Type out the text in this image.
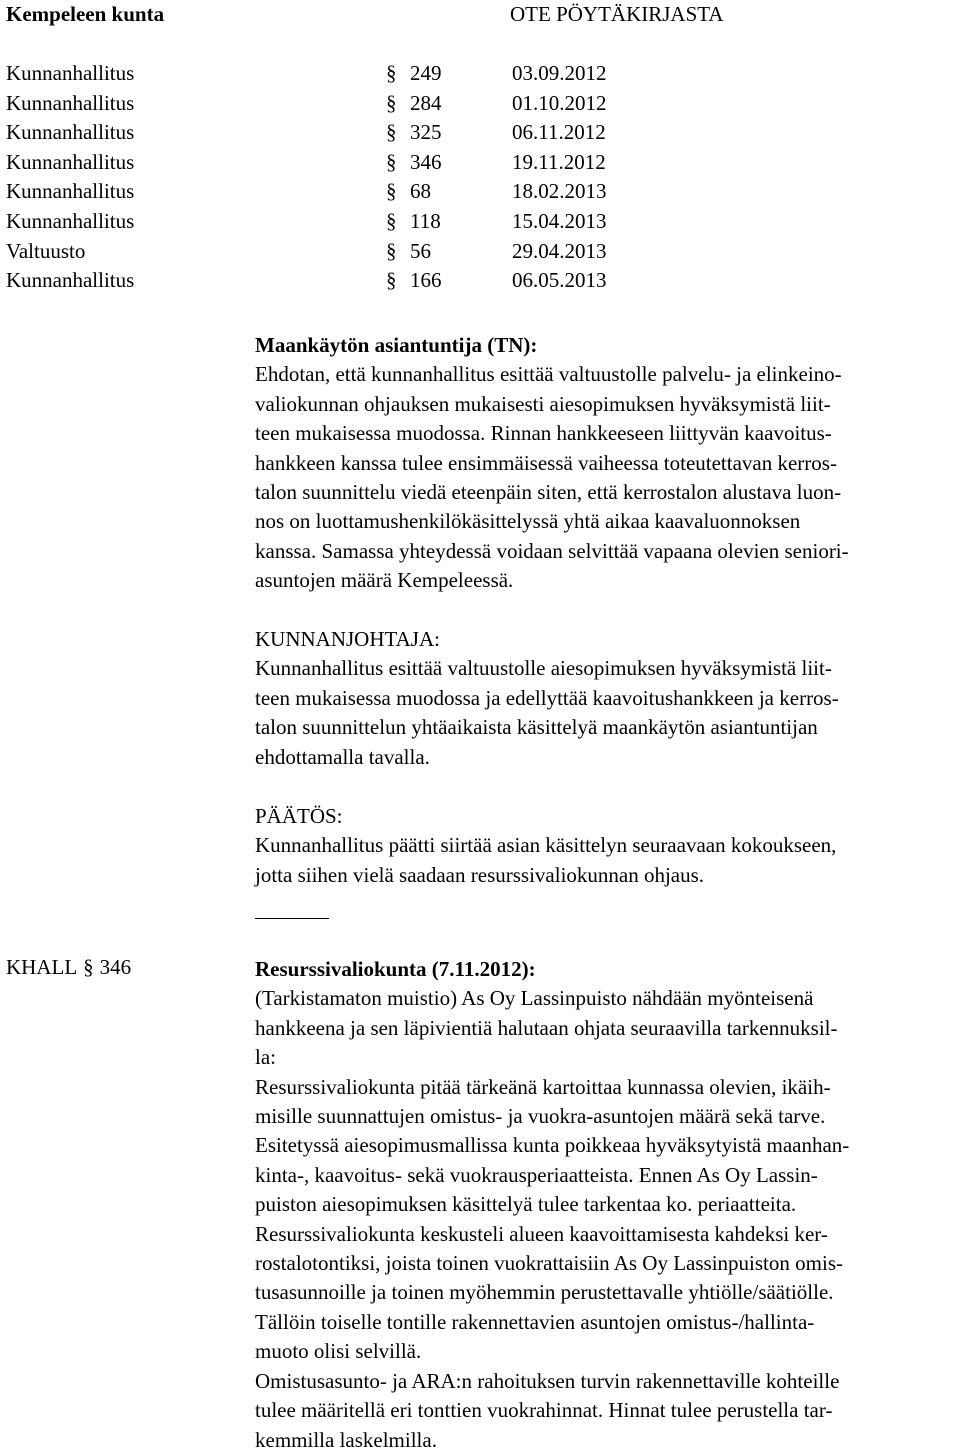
Kempeleen kunta	OTE PÖYTÄKIRJASTA
Kunnanhallitus	§ 249	03.09.2012
Kunnanhallitus	§ 284	01.10.2012
Kunnanhallitus	§ 325	06.11.2012
Kunnanhallitus	§ 346	19.11.2012
Kunnanhallitus	§ 68	18.02.2013
Kunnanhallitus	§ 118	15.04.2013
Valtuusto	§ 56	29.04.2013
Kunnanhallitus	§ 166	06.05.2013

Maankäytön asiantuntija (TN):

Ehdotan, että kunnanhallitus esittää valtuustolle palvelu- ja elinkeino-

valiokunnan ohjauksen mukaisesti aiesopimuksen hyväksymistä liit-

teen mukaisessa muodossa. Rinnan hankkeeseen liittyvän kaavoitus-

hankkeen kanssa tulee ensimmäisessä vaiheessa toteutettavan kerros-

talon suunnittelu viedä eteenpäin siten, että kerrostalon alustava luon-

nos on luottamushenkilökäsittelyssä yhtä aikaa kaavaluonnoksen

kanssa. Samassa yhteydessä voidaan selvittää vapaana olevien seniori-

asuntojen määrä Kempeleessä.

KUNNANJOHTAJA:

Kunnanhallitus esittää valtuustolle aiesopimuksen hyväksymistä liit-

teen mukaisessa muodossa ja edellyttää kaavoitushankkeen ja kerros-

talon suunnittelun yhtäaikaista käsittelyä maankäytön asiantuntijan

ehdottamalla tavalla.

PÄÄTÖS:

Kunnanhallitus päätti siirtää asian käsittelyn seuraavaan kokoukseen,

jotta siihen vielä saadaan resurssivaliokunnan ohjaus.

KHALL § 346	Resurssivaliokunta (7.11.2012):

(Tarkistamaton muistio) As Oy Lassinpuisto nähdään myönteisenä

hankkeena ja sen läpivientiä halutaan ohjata seuraavilla tarkennuksil-

la:

Resurssivaliokunta pitää tärkeänä kartoittaa kunnassa olevien, ikäih-

misille suunnattujen omistus- ja vuokra-asuntojen määrä sekä tarve.

Esitetyssä aiesopimusmallissa kunta poikkeaa hyväksytyistä maanhan-

kinta-, kaavoitus- sekä vuokrausperiaatteista. Ennen As Oy Lassin-

puiston aiesopimuksen käsittelyä tulee tarkentaa ko. periaatteita.

Resurssivaliokunta keskusteli alueen kaavoittamisesta kahdeksi ker-

rostalotontiksi, joista toinen vuokrattaisiin As Oy Lassinpuiston omis-

tusasunnoille ja toinen myöhemmin perustettavalle yhtiölle/säätiölle.

Tällöin toiselle tontille rakennettavien asuntojen omistus-/hallinta-

muoto olisi selvillä.

Omistusasunto- ja ARA:n rahoituksen turvin rakennettaville kohteille

tulee määritellä eri tonttien vuokrahinnat. Hinnat tulee perustella tar-

kemmilla laskelmilla.
